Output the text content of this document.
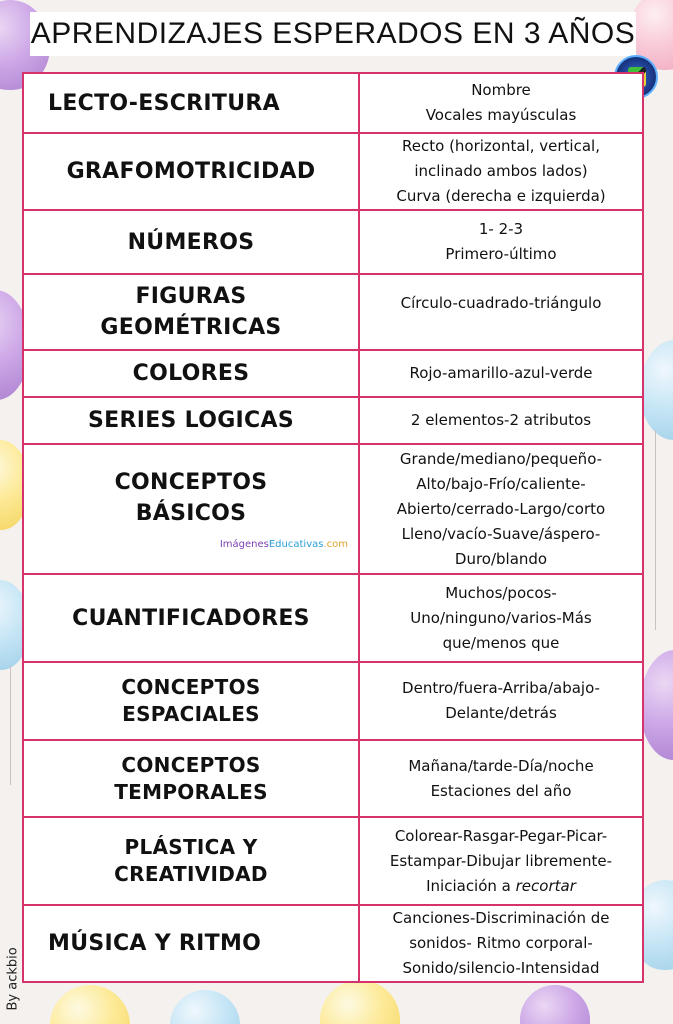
APRENDIZAJES ESPERADOS EN 3 AÑOS
LECTO-ESCRITURA	Nombre
Vocales mayúsculas

GRAFOMOTRICIDAD	Recto (horizontal, vertical,
inclinado ambos lados)
Curva (derecha e izquierda)

NÚMEROS	1- 2-3
Primero-último

FIGURAS
GEOMÉTRICAS	Círculo-cuadrado-triángulo

COLORES	Rojo-amarillo-azul-verde

SERIES LOGICAS	2 elementos-2 atributos

CONCEPTOS
BÁSICOS
ImágenesEducativas.com	Grande/mediano/pequeño-
Alto/bajo-Frío/caliente-
Abierto/cerrado-Largo/corto
Lleno/vacío-Suave/áspero-
Duro/blando

CUANTIFICADORES	Muchos/pocos-
Uno/ninguno/varios-Más
que/menos que

CONCEPTOS
ESPACIALES	Dentro/fuera-Arriba/abajo-
Delante/detrás

CONCEPTOS
TEMPORALES	Mañana/tarde-Día/noche
Estaciones del año

PLÁSTICA Y
CREATIVIDAD	Colorear-Rasgar-Pegar-Picar-
Estampar-Dibujar libremente-
Iniciación a recortar

MÚSICA Y RITMO	Canciones-Discriminación de
sonidos- Ritmo corporal-
Sonido/silencio-Intensidad
By ackbio
